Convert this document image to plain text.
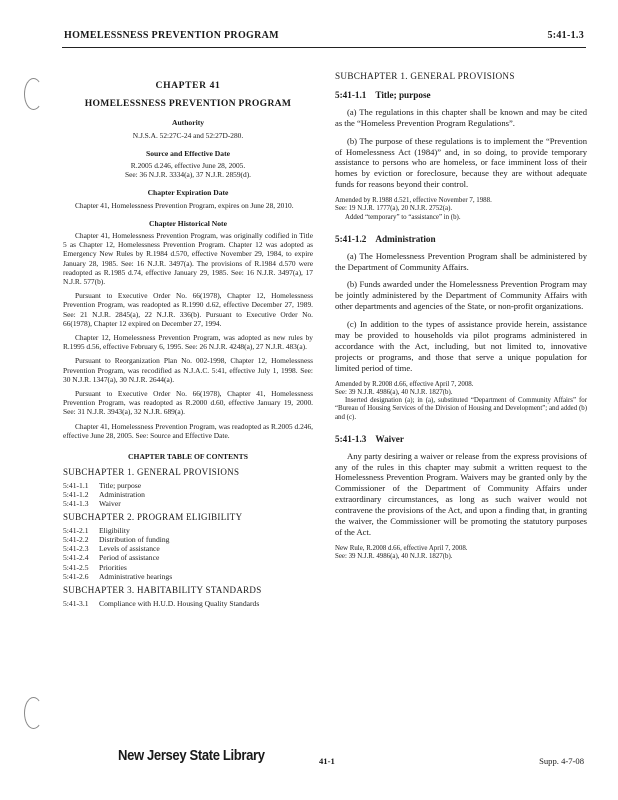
HOMELESSNESS PREVENTION PROGRAM	5:41-1.3
CHAPTER 41
HOMELESSNESS PREVENTION PROGRAM
Authority
N.J.S.A. 52:27C-24 and 52:27D-280.
Source and Effective Date
R.2005 d.246, effective June 28, 2005.
See: 36 N.J.R. 3334(a), 37 N.J.R. 2859(d).
Chapter Expiration Date
Chapter 41, Homelessness Prevention Program, expires on June 28, 2010.
Chapter Historical Note
Chapter 41, Homelessness Prevention Program, was originally codified in Title 5 as Chapter 12, Homelessness Prevention Program. Chapter 12 was adopted as Emergency New Rules by R.1984 d.570, effective November 29, 1984, to expire January 28, 1985. See: 16 N.J.R. 3497(a). The provisions of R.1984 d.570 were readopted as R.1985 d.74, effective January 29, 1985. See: 16 N.J.R. 3497(a), 17 N.J.R. 577(b).
Pursuant to Executive Order No. 66(1978), Chapter 12, Homelessness Prevention Program, was readopted as R.1990 d.62, effective December 27, 1989. See: 21 N.J.R. 2845(a), 22 N.J.R. 336(b). Pursuant to Executive Order No. 66(1978), Chapter 12 expired on December 27, 1994.
Chapter 12, Homelessness Prevention Program, was adopted as new rules by R.1995 d.56, effective February 6, 1995. See: 26 N.J.R. 4248(a), 27 N.J.R. 483(a).
Pursuant to Reorganization Plan No. 002-1998, Chapter 12, Homelessness Prevention Program, was recodified as N.J.A.C. 5:41, effective July 1, 1998. See: 30 N.J.R. 1347(a), 30 N.J.R. 2644(a).
Pursuant to Executive Order No. 66(1978), Chapter 41, Homelessness Prevention Program, was readopted as R.2000 d.60, effective January 19, 2000. See: 31 N.J.R. 3943(a), 32 N.J.R. 689(a).
Chapter 41, Homelessness Prevention Program, was readopted as R.2005 d.246, effective June 28, 2005. See: Source and Effective Date.
CHAPTER TABLE OF CONTENTS
SUBCHAPTER 1. GENERAL PROVISIONS
5:41-1.1 Title; purpose
5:41-1.2 Administration
5:41-1.3 Waiver
SUBCHAPTER 2. PROGRAM ELIGIBILITY
5:41-2.1 Eligibility
5:41-2.2 Distribution of funding
5:41-2.3 Levels of assistance
5:41-2.4 Period of assistance
5:41-2.5 Priorities
5:41-2.6 Administrative hearings
SUBCHAPTER 3. HABITABILITY STANDARDS
5:41-3.1 Compliance with H.U.D. Housing Quality Standards
SUBCHAPTER 1. GENERAL PROVISIONS
5:41-1.1 Title; purpose
(a) The regulations in this chapter shall be known and may be cited as the “Homeless Prevention Program Regulations”.
(b) The purpose of these regulations is to implement the “Prevention of Homelessness Act (1984)” and, in so doing, to provide temporary assistance to persons who are homeless, or face imminent loss of their homes by eviction or foreclosure, because they are without adequate funds for reasons beyond their control.
Amended by R.1988 d.521, effective November 7, 1988.
See: 19 N.J.R. 1777(a), 20 N.J.R. 2752(a).
Added “temporary” to “assistance” in (b).
5:41-1.2 Administration
(a) The Homelessness Prevention Program shall be administered by the Department of Community Affairs.
(b) Funds awarded under the Homelessness Prevention Program may be jointly administered by the Department of Community Affairs with other departments and agencies of the State, or non-profit organizations.
(c) In addition to the types of assistance provide herein, assistance may be provided to households via pilot programs administered in accordance with the Act, including, but not limited to, innovative projects or programs, and those that serve a unique population for limited period of time.
Amended by R.2008 d.66, effective April 7, 2008.
See: 39 N.J.R. 4986(a), 40 N.J.R. 1827(b).
Inserted designation (a); in (a), substituted “Department of Community Affairs” for “Bureau of Housing Services of the Division of Housing and Development”; and added (b) and (c).
5:41-1.3 Waiver
Any party desiring a waiver or release from the express provisions of any of the rules in this chapter may submit a written request to the Homelessness Prevention Program. Waivers may be granted only by the Commissioner of the Department of Community Affairs under extraordinary circumstances, as long as such waiver would not contravene the provisions of the Act, and upon a finding that, in granting the waiver, the Commissioner will be promoting the statutory purposes of the Act.
New Rule, R.2008 d.66, effective April 7, 2008.
See: 39 N.J.R. 4986(a), 40 N.J.R. 1827(b).
New Jersey State Library	41-1	Supp. 4-7-08
